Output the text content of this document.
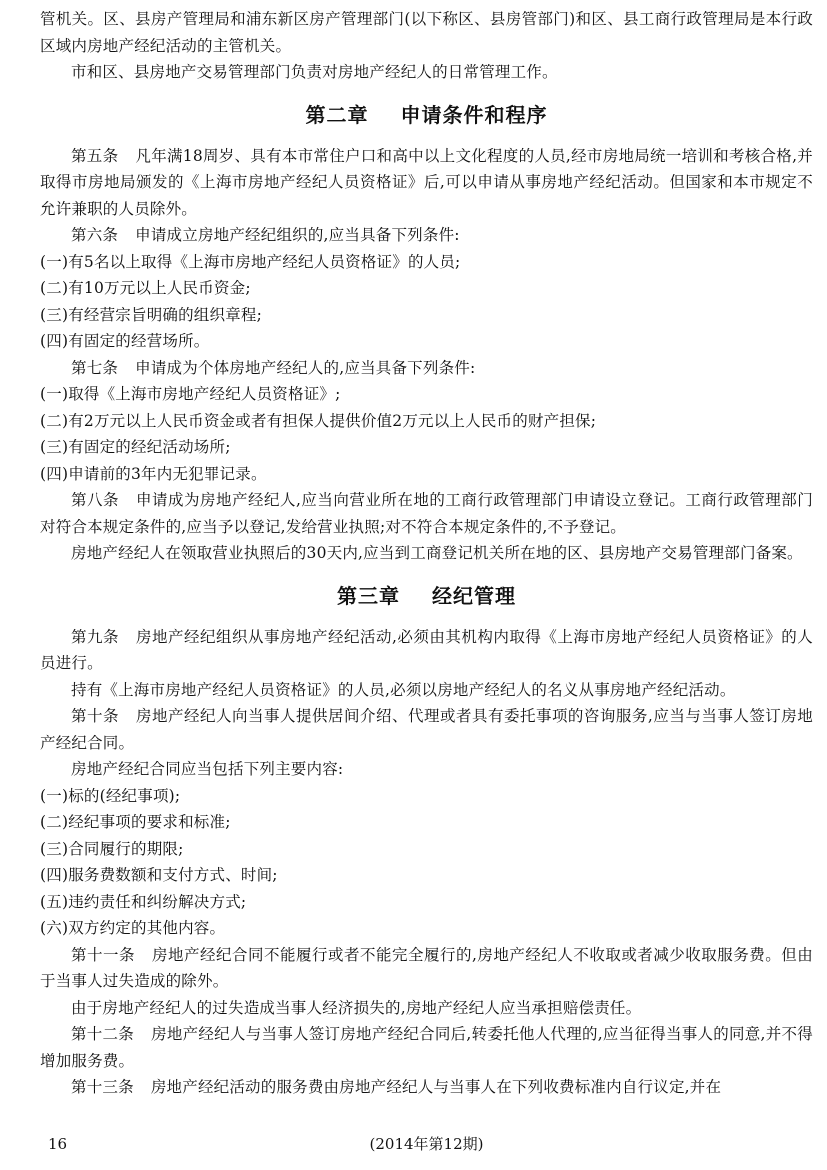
管机关。区、县房产管理局和浦东新区房产管理部门(以下称区、县房管部门)和区、县工商行政管理局是本行政区域内房地产经纪活动的主管机关。

市和区、县房地产交易管理部门负责对房地产经纪人的日常管理工作。

第二章 申请条件和程序

第五条 凡年满18周岁、具有本市常住户口和高中以上文化程度的人员,经市房地局统一培训和考核合格,并取得市房地局颁发的《上海市房地产经纪人员资格证》后,可以申请从事房地产经纪活动。但国家和本市规定不允许兼职的人员除外。

第六条 申请成立房地产经纪组织的,应当具备下列条件:

(一)有5名以上取得《上海市房地产经纪人员资格证》的人员;

(二)有10万元以上人民币资金;

(三)有经营宗旨明确的组织章程;

(四)有固定的经营场所。

第七条 申请成为个体房地产经纪人的,应当具备下列条件:

(一)取得《上海市房地产经纪人员资格证》;

(二)有2万元以上人民币资金或者有担保人提供价值2万元以上人民币的财产担保;

(三)有固定的经纪活动场所;

(四)申请前的3年内无犯罪记录。

第八条 申请成为房地产经纪人,应当向营业所在地的工商行政管理部门申请设立登记。工商行政管理部门对符合本规定条件的,应当予以登记,发给营业执照;对不符合本规定条件的,不予登记。

房地产经纪人在领取营业执照后的30天内,应当到工商登记机关所在地的区、县房地产交易管理部门备案。

第三章 经纪管理

第九条 房地产经纪组织从事房地产经纪活动,必须由其机构内取得《上海市房地产经纪人员资格证》的人员进行。

持有《上海市房地产经纪人员资格证》的人员,必须以房地产经纪人的名义从事房地产经纪活动。

第十条 房地产经纪人向当事人提供居间介绍、代理或者具有委托事项的咨询服务,应当与当事人签订房地产经纪合同。

房地产经纪合同应当包括下列主要内容:

(一)标的(经纪事项);

(二)经纪事项的要求和标准;

(三)合同履行的期限;

(四)服务费数额和支付方式、时间;

(五)违约责任和纠纷解决方式;

(六)双方约定的其他内容。

第十一条 房地产经纪合同不能履行或者不能完全履行的,房地产经纪人不收取或者减少收取服务费。但由于当事人过失造成的除外。

由于房地产经纪人的过失造成当事人经济损失的,房地产经纪人应当承担赔偿责任。

第十二条 房地产经纪人与当事人签订房地产经纪合同后,转委托他人代理的,应当征得当事人的同意,并不得增加服务费。

第十三条 房地产经纪活动的服务费由房地产经纪人与当事人在下列收费标准内自行议定,并在

16	(2014年第12期)
